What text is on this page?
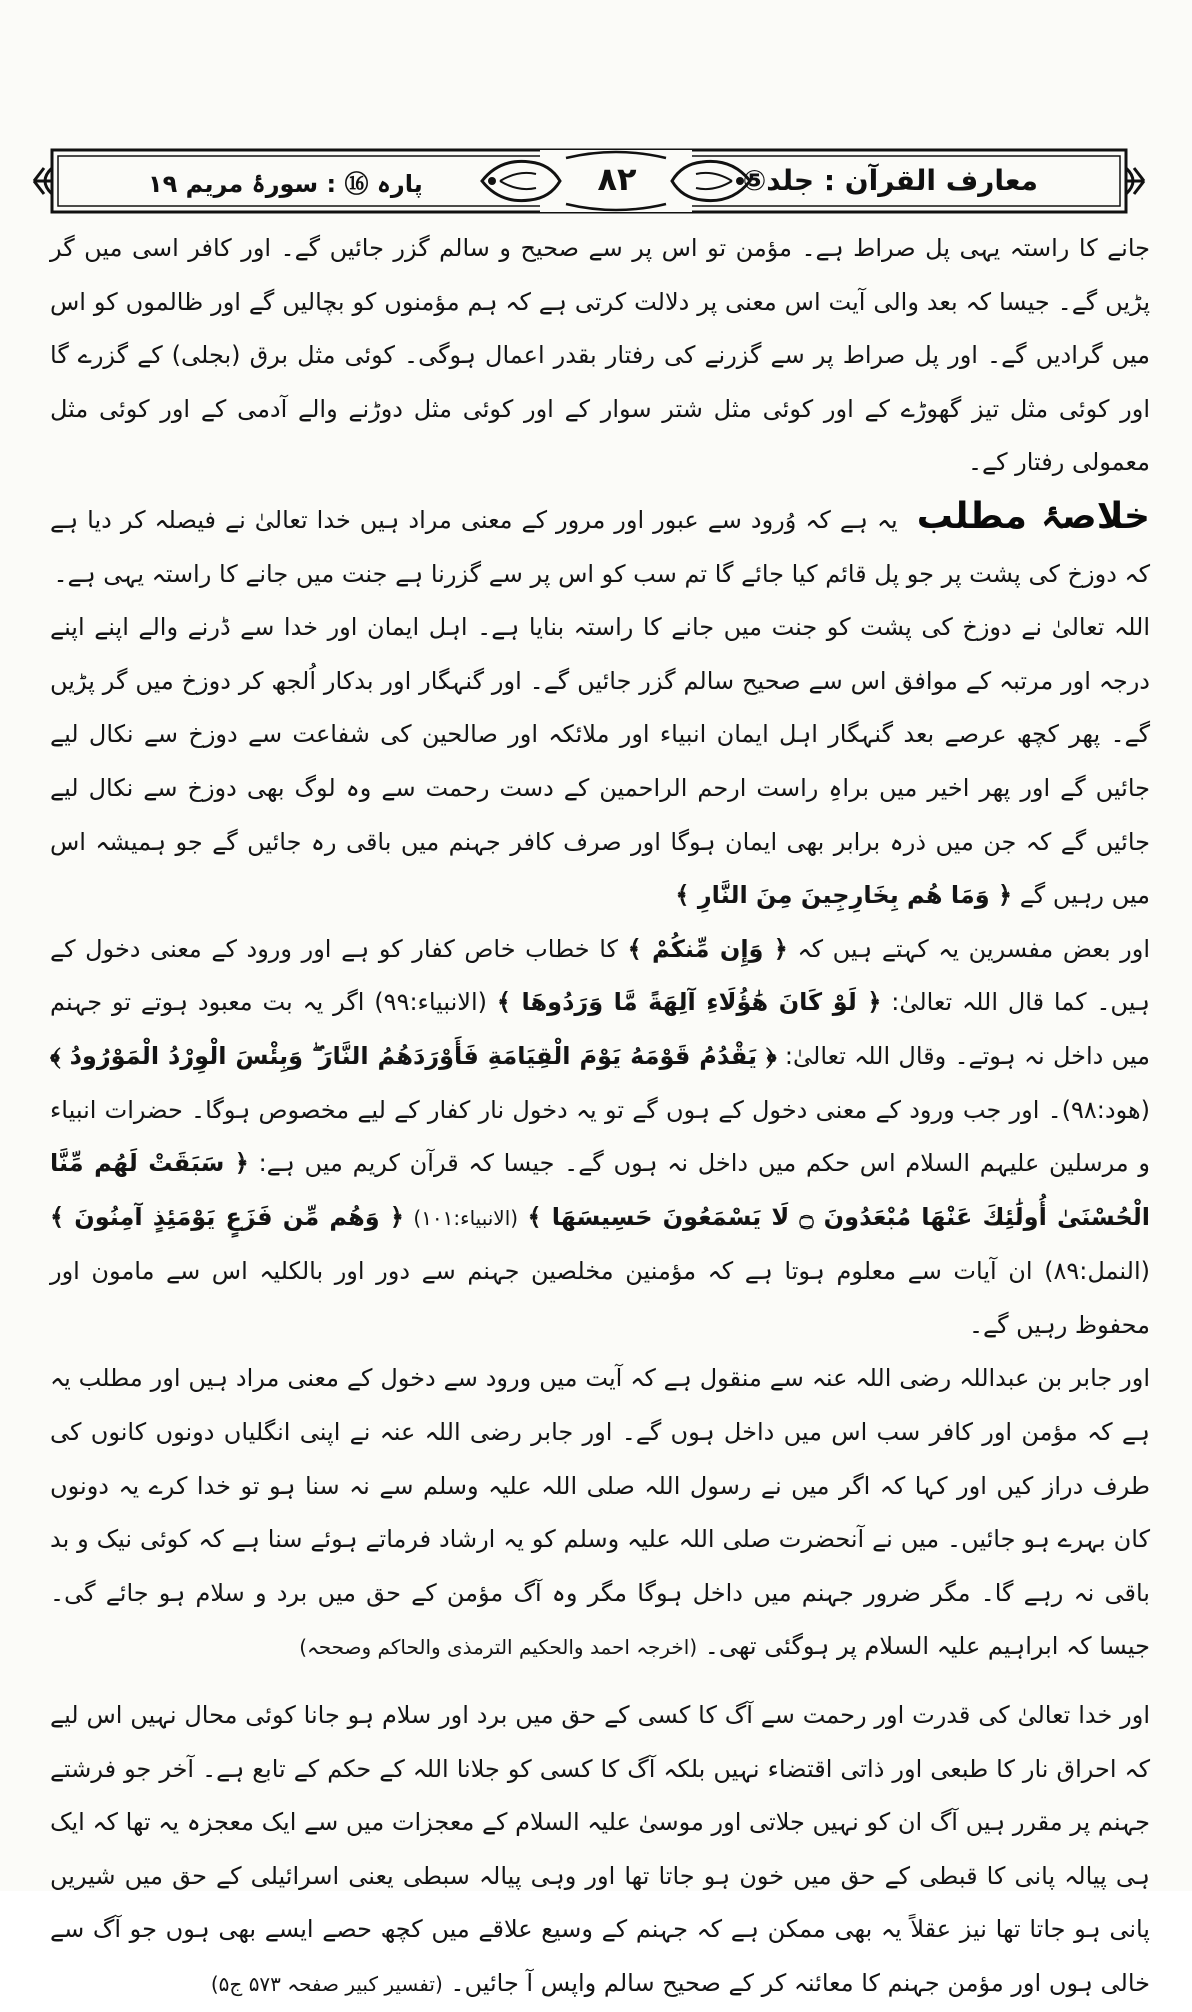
معارف القرآن : جلد⑤
۸۲
پارہ ⑯ : سورۂ مریم ۱۹

جانے کا راستہ یہی پل صراط ہے۔ مؤمن تو اس پر سے صحیح و سالم گزر جائیں گے۔ اور کافر اسی میں گر پڑیں گے۔ جیسا کہ بعد والی آیت اس معنی پر دلالت کرتی ہے کہ ہم مؤمنوں کو بچالیں گے اور ظالموں کو اس میں گرادیں گے۔ اور پل صراط پر سے گزرنے کی رفتار بقدر اعمال ہوگی۔ کوئی مثل برق (بجلی) کے گزرے گا اور کوئی مثل تیز گھوڑے کے اور کوئی مثل شتر سوار کے اور کوئی مثل دوڑنے والے آدمی کے اور کوئی مثل معمولی رفتار کے۔

خلاصۂ مطلب یہ ہے کہ وُرود سے عبور اور مرور کے معنی مراد ہیں خدا تعالیٰ نے فیصلہ کر دیا ہے کہ دوزخ کی پشت پر جو پل قائم کیا جائے گا تم سب کو اس پر سے گزرنا ہے جنت میں جانے کا راستہ یہی ہے۔

اللہ تعالیٰ نے دوزخ کی پشت کو جنت میں جانے کا راستہ بنایا ہے۔ اہل ایمان اور خدا سے ڈرنے والے اپنے اپنے درجہ اور مرتبہ کے موافق اس سے صحیح سالم گزر جائیں گے۔ اور گنہگار اور بدکار اُلجھ کر دوزخ میں گر پڑیں گے۔ پھر کچھ عرصے بعد گنہگار اہل ایمان انبیاء اور ملائکہ اور صالحین کی شفاعت سے دوزخ سے نکال لیے جائیں گے اور پھر اخیر میں براہِ راست ارحم الراحمین کے دست رحمت سے وہ لوگ بھی دوزخ سے نکال لیے جائیں گے کہ جن میں ذرہ برابر بھی ایمان ہوگا اور صرف کافر جہنم میں باقی رہ جائیں گے جو ہمیشہ اس میں رہیں گے ﴿ وَمَا هُم بِخَارِجِينَ مِنَ النَّارِ ﴾

اور بعض مفسرین یہ کہتے ہیں کہ ﴿ وَإِن مِّنكُمْ ﴾ کا خطاب خاص کفار کو ہے اور ورود کے معنی دخول کے ہیں۔ کما قال اللہ تعالیٰ: ﴿ لَوْ كَانَ هَٰؤُلَاءِ آلِهَةً مَّا وَرَدُوهَا ﴾ (الانبیاء:۹۹) اگر یہ بت معبود ہوتے تو جہنم میں داخل نہ ہوتے۔ وقال اللہ تعالیٰ: ﴿ يَقْدُمُ قَوْمَهُ يَوْمَ الْقِيَامَةِ فَأَوْرَدَهُمُ النَّارَ ۖ وَبِئْسَ الْوِرْدُ الْمَوْرُودُ ﴾ (ھود:۹۸)۔ اور جب ورود کے معنی دخول کے ہوں گے تو یہ دخول نار کفار کے لیے مخصوص ہوگا۔ حضرات انبیاء و مرسلین علیہم السلام اس حکم میں داخل نہ ہوں گے۔ جیسا کہ قرآن کریم میں ہے: ﴿ سَبَقَتْ لَهُم مِّنَّا الْحُسْنَىٰ أُولَٰئِكَ عَنْهَا مُبْعَدُونَ ۝ لَا يَسْمَعُونَ حَسِيسَهَا ﴾ (الانبیاء:۱۰۱) ﴿ وَهُم مِّن فَزَعٍ يَوْمَئِذٍ آمِنُونَ ﴾ (النمل:۸۹) ان آیات سے معلوم ہوتا ہے کہ مؤمنین مخلصین جہنم سے دور اور بالکلیہ اس سے مامون اور محفوظ رہیں گے۔

اور جابر بن عبداللہ رضی اللہ عنہ سے منقول ہے کہ آیت میں ورود سے دخول کے معنی مراد ہیں اور مطلب یہ ہے کہ مؤمن اور کافر سب اس میں داخل ہوں گے۔ اور جابر رضی اللہ عنہ نے اپنی انگلیاں دونوں کانوں کی طرف دراز کیں اور کہا کہ اگر میں نے رسول اللہ صلی اللہ علیہ وسلم سے نہ سنا ہو تو خدا کرے یہ دونوں کان بہرے ہو جائیں۔ میں نے آنحضرت صلی اللہ علیہ وسلم کو یہ ارشاد فرماتے ہوئے سنا ہے کہ کوئی نیک و بد باقی نہ رہے گا۔ مگر ضرور جہنم میں داخل ہوگا مگر وہ آگ مؤمن کے حق میں برد و سلام ہو جائے گی۔ جیسا کہ ابراہیم علیہ السلام پر ہوگئی تھی۔ (اخرجہ احمد والحکیم الترمذی والحاکم وصححہ)

اور خدا تعالیٰ کی قدرت اور رحمت سے آگ کا کسی کے حق میں برد اور سلام ہو جانا کوئی محال نہیں اس لیے کہ احراق نار کا طبعی اور ذاتی اقتضاء نہیں بلکہ آگ کا کسی کو جلانا اللہ کے حکم کے تابع ہے۔ آخر جو فرشتے جہنم پر مقرر ہیں آگ ان کو نہیں جلاتی اور موسیٰ علیہ السلام کے معجزات میں سے ایک معجزہ یہ تھا کہ ایک ہی پیالہ پانی کا قبطی کے حق میں خون ہو جاتا تھا اور وہی پیالہ سبطی یعنی اسرائیلی کے حق میں شیریں پانی ہو جاتا تھا نیز عقلاً یہ بھی ممکن ہے کہ جہنم کے وسیع علاقے میں کچھ حصے ایسے بھی ہوں جو آگ سے خالی ہوں اور مؤمن جہنم کا معائنہ کر کے صحیح سالم واپس آ جائیں۔ (تفسیر کبیر صفحہ ۵۷۳ ج۵)
